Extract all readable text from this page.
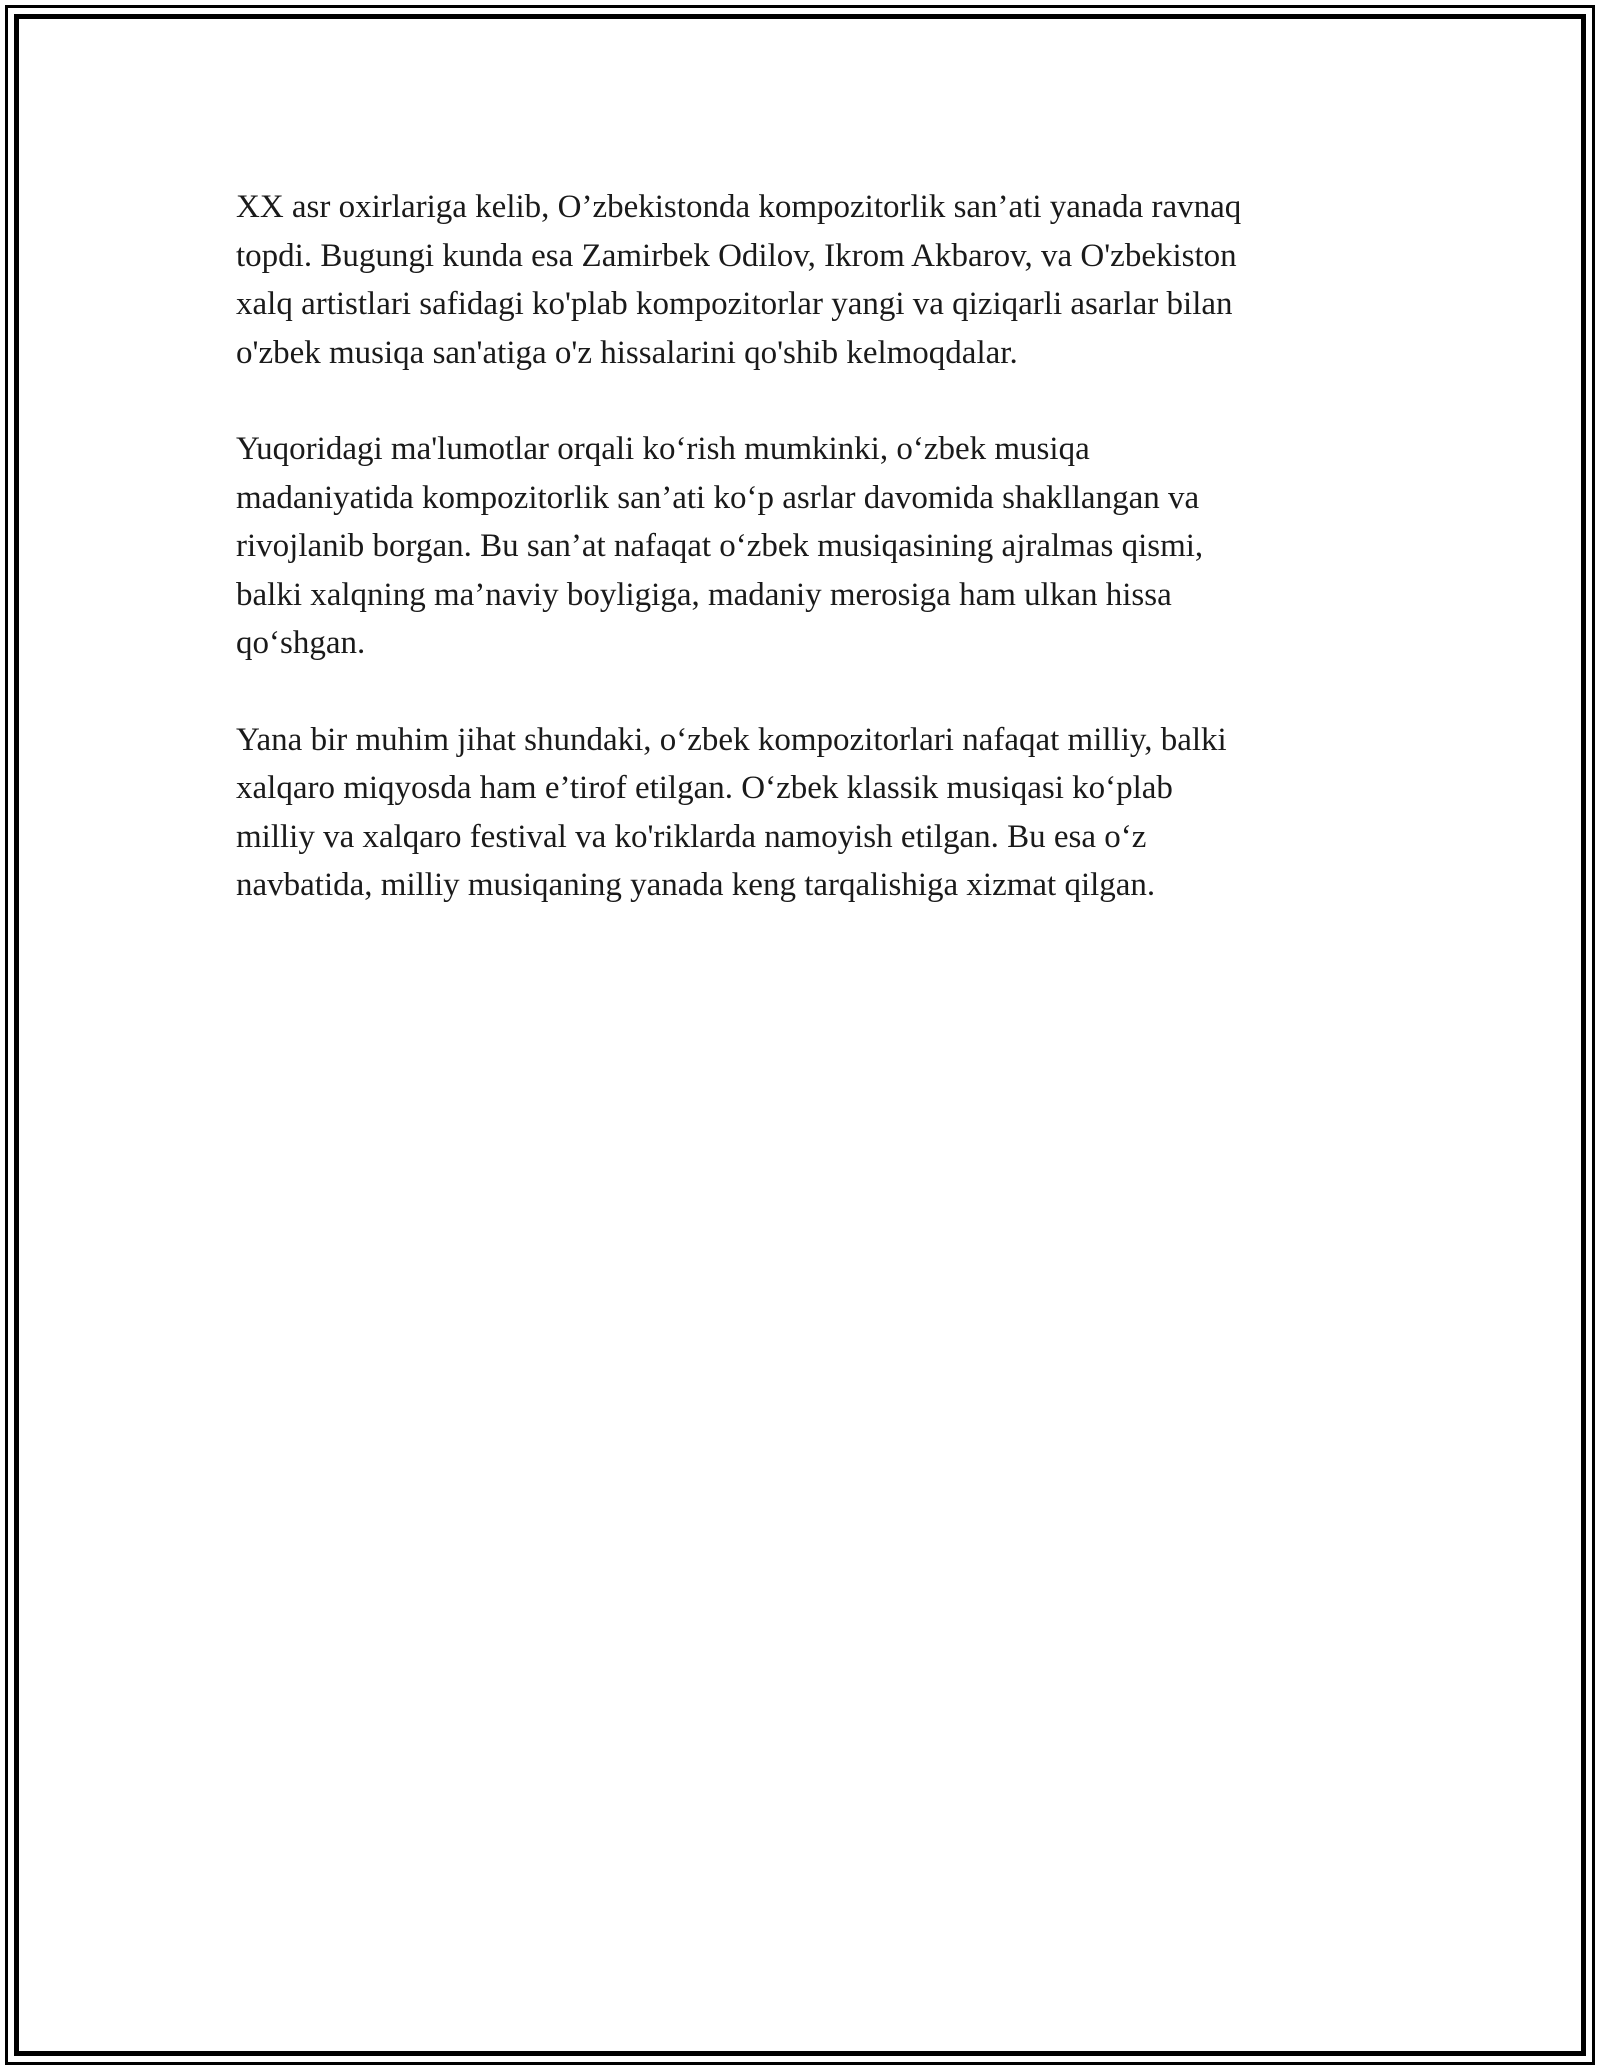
XX asr oxirlariga kelib, O’zbekistonda kompozitorlik san’ati yanada ravnaq
topdi. Bugungi kunda esa Zamirbek Odilov, Ikrom Akbarov, va O'zbekiston
xalq artistlari safidagi ko'plab kompozitorlar yangi va qiziqarli asarlar bilan
o'zbek musiqa san'atiga o'z hissalarini qo'shib kelmoqdalar.

Yuqoridagi ma'lumotlar orqali ko‘rish mumkinki, o‘zbek musiqa
madaniyatida kompozitorlik san’ati ko‘p asrlar davomida shakllangan va
rivojlanib borgan. Bu san’at nafaqat o‘zbek musiqasining ajralmas qismi,
balki xalqning ma’naviy boyligiga, madaniy merosiga ham ulkan hissa
qo‘shgan.

Yana bir muhim jihat shundaki, o‘zbek kompozitorlari nafaqat milliy, balki
xalqaro miqyosda ham e’tirof etilgan. O‘zbek klassik musiqasi ko‘plab
milliy va xalqaro festival va ko'riklarda namoyish etilgan. Bu esa o‘z
navbatida, milliy musiqaning yanada keng tarqalishiga xizmat qilgan.
